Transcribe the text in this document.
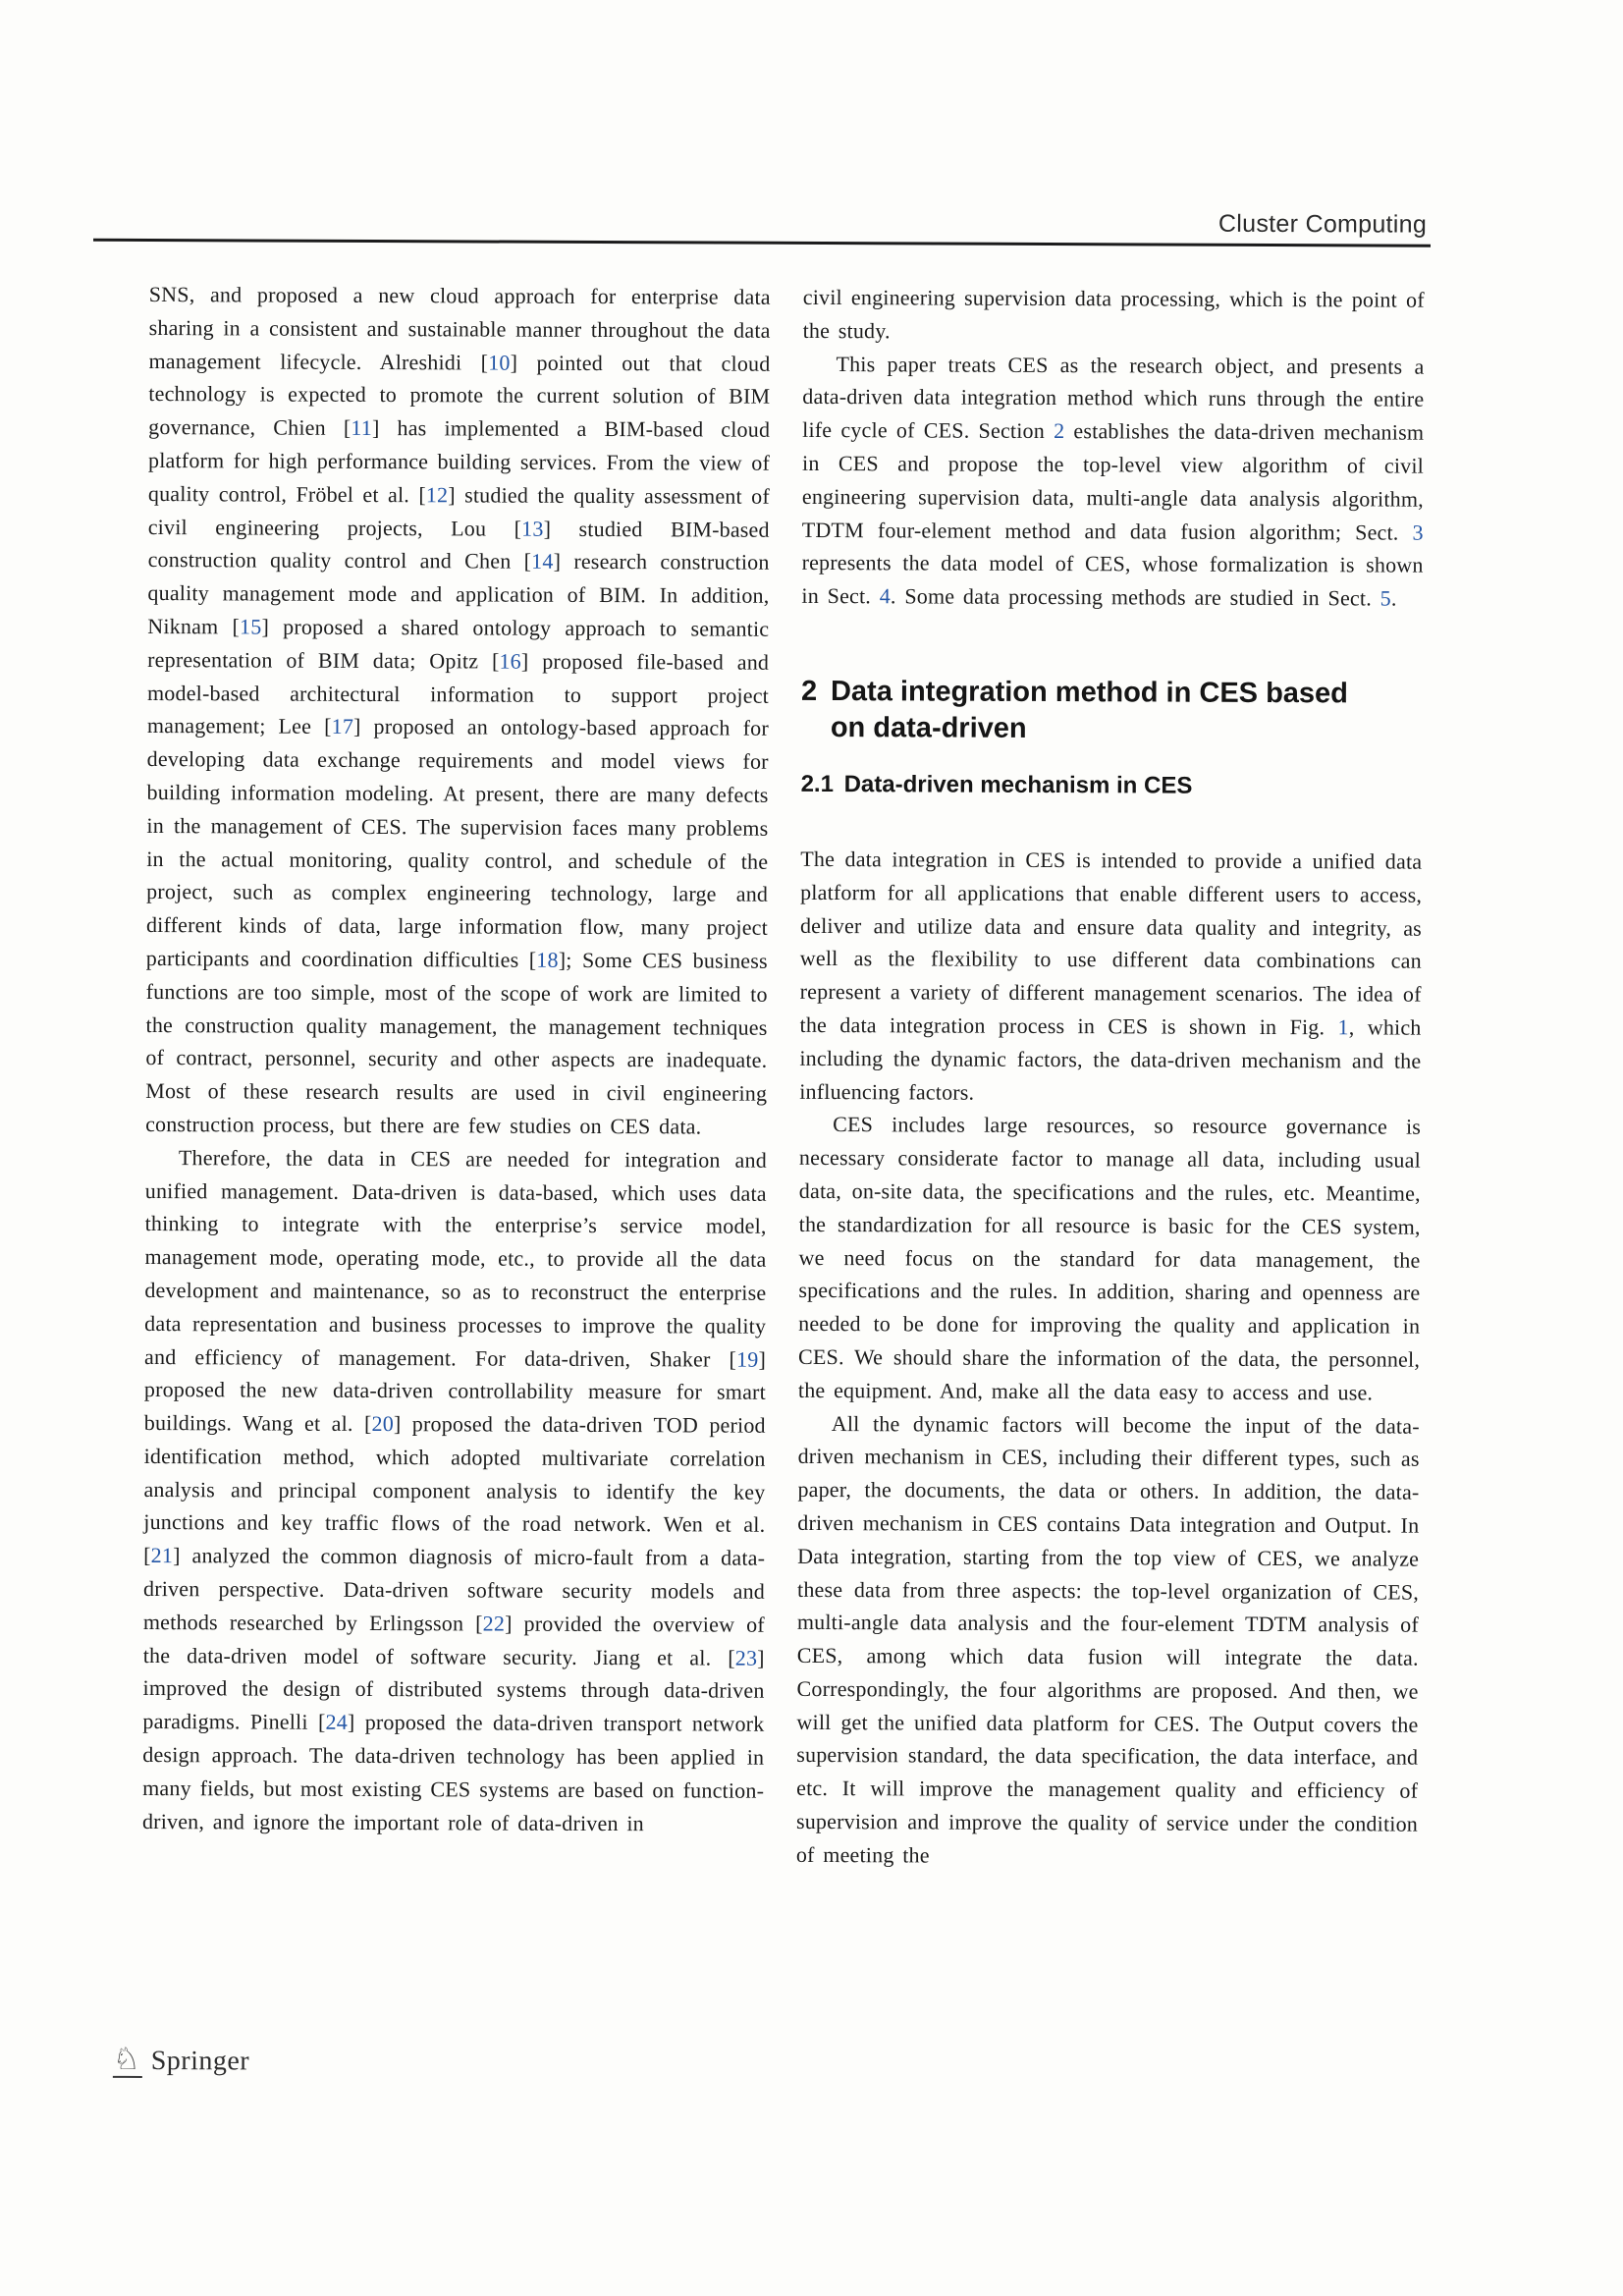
Cluster Computing

SNS, and proposed a new cloud approach for enterprise data sharing in a consistent and sustainable manner throughout the data management lifecycle. Alreshidi [10] pointed out that cloud technology is expected to promote the current solution of BIM governance, Chien [11] has implemented a BIM-based cloud platform for high performance building services. From the view of quality control, Fröbel et al. [12] studied the quality assessment of civil engineering projects, Lou [13] studied BIM-based construction quality control and Chen [14] research construction quality management mode and application of BIM. In addition, Niknam [15] proposed a shared ontology approach to semantic representation of BIM data; Opitz [16] proposed file-based and model-based architectural information to support project management; Lee [17] proposed an ontology-based approach for developing data exchange requirements and model views for building information modeling. At present, there are many defects in the management of CES. The supervision faces many problems in the actual monitoring, quality control, and schedule of the project, such as complex engineering technology, large and different kinds of data, large information flow, many project participants and coordination difficulties [18]; Some CES business functions are too simple, most of the scope of work are limited to the construction quality management, the management techniques of contract, personnel, security and other aspects are inadequate. Most of these research results are used in civil engineering construction process, but there are few studies on CES data.

Therefore, the data in CES are needed for integration and unified management. Data-driven is data-based, which uses data thinking to integrate with the enterprise’s service model, management mode, operating mode, etc., to provide all the data development and maintenance, so as to reconstruct the enterprise data representation and business processes to improve the quality and efficiency of management. For data-driven, Shaker [19] proposed the new data-driven controllability measure for smart buildings. Wang et al. [20] proposed the data-driven TOD period identification method, which adopted multivariate correlation analysis and principal component analysis to identify the key junctions and key traffic flows of the road network. Wen et al. [21] analyzed the common diagnosis of micro-fault from a data-driven perspective. Data-driven software security models and methods researched by Erlingsson [22] provided the overview of the data-driven model of software security. Jiang et al. [23] improved the design of distributed systems through data-driven paradigms. Pinelli [24] proposed the data-driven transport network design approach. The data-driven technology has been applied in many fields, but most existing CES systems are based on function-driven, and ignore the important role of data-driven in

civil engineering supervision data processing, which is the point of the study.

This paper treats CES as the research object, and presents a data-driven data integration method which runs through the entire life cycle of CES. Section 2 establishes the data-driven mechanism in CES and propose the top-level view algorithm of civil engineering supervision data, multi-angle data analysis algorithm, TDTM four-element method and data fusion algorithm; Sect. 3 represents the data model of CES, whose formalization is shown in Sect. 4. Some data processing methods are studied in Sect. 5.

2 Data integration method in CES based
on data-driven
2.1 Data-driven mechanism in CES

The data integration in CES is intended to provide a unified data platform for all applications that enable different users to access, deliver and utilize data and ensure data quality and integrity, as well as the flexibility to use different data combinations can represent a variety of different management scenarios. The idea of the data integration process in CES is shown in Fig. 1, which including the dynamic factors, the data-driven mechanism and the influencing factors.

CES includes large resources, so resource governance is necessary considerate factor to manage all data, including usual data, on-site data, the specifications and the rules, etc. Meantime, the standardization for all resource is basic for the CES system, we need focus on the standard for data management, the specifications and the rules. In addition, sharing and openness are needed to be done for improving the quality and application in CES. We should share the information of the data, the personnel, the equipment. And, make all the data easy to access and use.

All the dynamic factors will become the input of the data-driven mechanism in CES, including their different types, such as paper, the documents, the data or others. In addition, the data-driven mechanism in CES contains Data integration and Output. In Data integration, starting from the top view of CES, we analyze these data from three aspects: the top-level organization of CES, multi-angle data analysis and the four-element TDTM analysis of CES, among which data fusion will integrate the data. Correspondingly, the four algorithms are proposed. And then, we will get the unified data platform for CES. The Output covers the supervision standard, the data specification, the data interface, and etc. It will improve the management quality and efficiency of supervision and improve the quality of service under the condition of meeting the

♘ Springer
